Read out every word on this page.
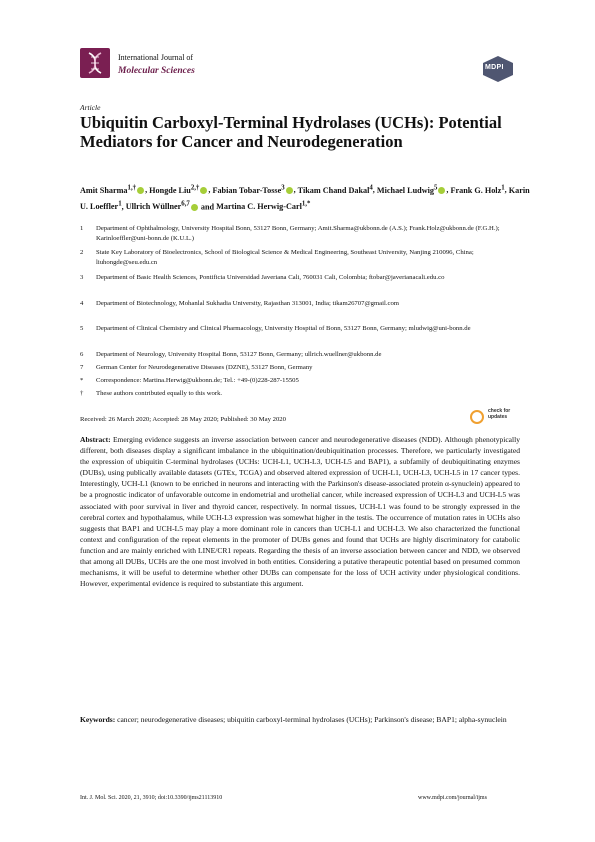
International Journal of
Molecular Sciences	MDPI
Article
Ubiquitin Carboxyl-Terminal Hydrolases (UCHs): Potential Mediators for Cancer and Neurodegeneration
Amit Sharma$^{1,\dagger}$ , Hongde Liu$^{2,\dagger}$ , Fabian Tobar-Tosse$^3$ , Tikam Chand Dakal$^4$, Michael Ludwig$^5$ , Frank G. Holz$^1$, Karin U. Loeffler$^1$, Ullrich Wüllner$^{6,7}$ and Martina C. Herwig-Carl$^{1,*}$
1 Department of Ophthalmology, University Hospital Bonn, 53127 Bonn, Germany; Amit.Sharma@ukbonn.de (A.S.); Frank.Holz@ukbonn.de (F.G.H.); Karinloeffler@uni-bonn.de (K.U.L.)
2 State Key Laboratory of Bioelectronics, School of Biological Science & Medical Engineering, Southeast University, Nanjing 210096, China; liuhongde@seu.edu.cn
3 Department of Basic Health Sciences, Pontificia Universidad Javeriana Cali, 760031 Cali, Colombia; ftobar@javerianacali.edu.co
4 Department of Biotechnology, Mohanlal Sukhadia University, Rajasthan 313001, India; tikam26707@gmail.com
5 Department of Clinical Chemistry and Clinical Pharmacology, University Hospital of Bonn, 53127 Bonn, Germany; mludwig@uni-bonn.de
6 Department of Neurology, University Hospital Bonn, 53127 Bonn, Germany; ullrich.wuellner@ukbonn.de
7 German Center for Neurodegenerative Diseases (DZNE), 53127 Bonn, Germany
* Correspondence: Martina.Herwig@ukbonn.de; Tel.: +49-(0)228-287-15505
† These authors contributed equally to this work.
Received: 26 March 2020; Accepted: 28 May 2020; Published: 30 May 2020
check for
updates
Abstract: Emerging evidence suggests an inverse association between cancer and neurodegenerative diseases (NDD). Although phenotypically different, both diseases display a significant imbalance in the ubiquitination/deubiquitination processes. Therefore, we particularly investigated the expression of ubiquitin C-terminal hydrolases (UCHs: UCH-L1, UCH-L3, UCH-L5 and BAP1), a subfamily of deubiquitinating enzymes (DUBs), using publically available datasets (GTEx, TCGA) and observed altered expression of UCH-L1, UCH-L3, UCH-L5 in 17 cancer types. Interestingly, UCH-L1 (known to be enriched in neurons and interacting with the Parkinson's disease-associated protein α-synuclein) appeared to be a prognostic indicator of unfavorable outcome in endometrial and urothelial cancer, while increased expression of UCH-L3 and UCH-L5 was associated with poor survival in liver and thyroid cancer, respectively. In normal tissues, UCH-L1 was found to be strongly expressed in the cerebral cortex and hypothalamus, while UCH-L3 expression was somewhat higher in the testis. The occurrence of mutation rates in UCHs also suggests that BAP1 and UCH-L5 may play a more dominant role in cancers than UCH-L1 and UCH-L3. We also characterized the functional context and configuration of the repeat elements in the promoter of DUBs genes and found that UCHs are highly discriminatory for catabolic function and are mainly enriched with LINE/CR1 repeats. Regarding the thesis of an inverse association between cancer and NDD, we observed that among all DUBs, UCHs are the one most involved in both entities. Considering a putative therapeutic potential based on presumed common mechanisms, it will be useful to determine whether other DUBs can compensate for the loss of UCH activity under physiological conditions. However, experimental evidence is required to substantiate this argument.
Keywords: cancer; neurodegenerative diseases; ubiquitin carboxyl-terminal hydrolases (UCHs); Parkinson's disease; BAP1; alpha-synuclein
Int. J. Mol. Sci. 2020, 21, 3910; doi:10.3390/ijms21113910	www.mdpi.com/journal/ijms
